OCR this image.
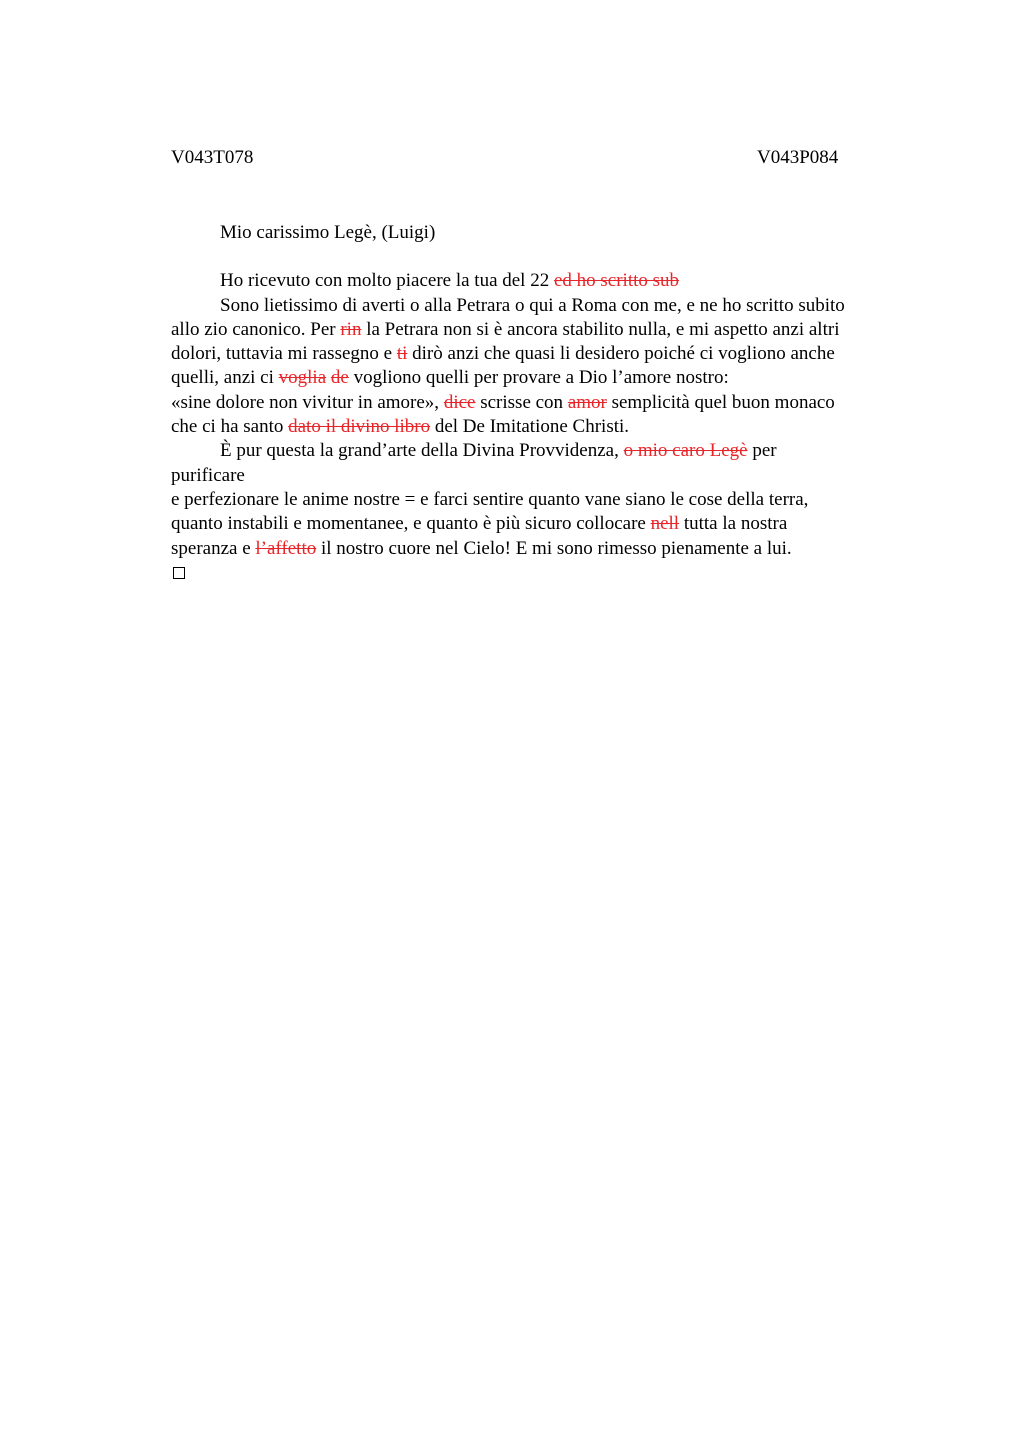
V043T078	V043P084

Mio carissimo Legè, (Luigi)

Ho ricevuto con molto piacere la tua del 22 ed ho scritto sub

Sono lietissimo di averti o alla Petrara o qui a Roma con me, e ne ho scritto subito

allo zio canonico. Per rin la Petrara non si è ancora stabilito nulla, e mi aspetto anzi altri

dolori, tuttavia mi rassegno e ti dirò anzi che quasi li desidero poiché ci vogliono anche

quelli, anzi ci voglia de vogliono quelli per provare a Dio l’amore nostro:

«sine dolore non vivitur in amore», dice scrisse con amor semplicità quel buon monaco

che ci ha santo dato il divino libro del De Imitatione Christi.

È pur questa la grand’arte della Divina Provvidenza, o mio caro Legè per

purificare

e perfezionare le anime nostre = e farci sentire quanto vane siano le cose della terra,

quanto instabili e momentanee, e quanto è più sicuro collocare nell tutta la nostra

speranza e l’affetto il nostro cuore nel Cielo! E mi sono rimesso pienamente a lui.
